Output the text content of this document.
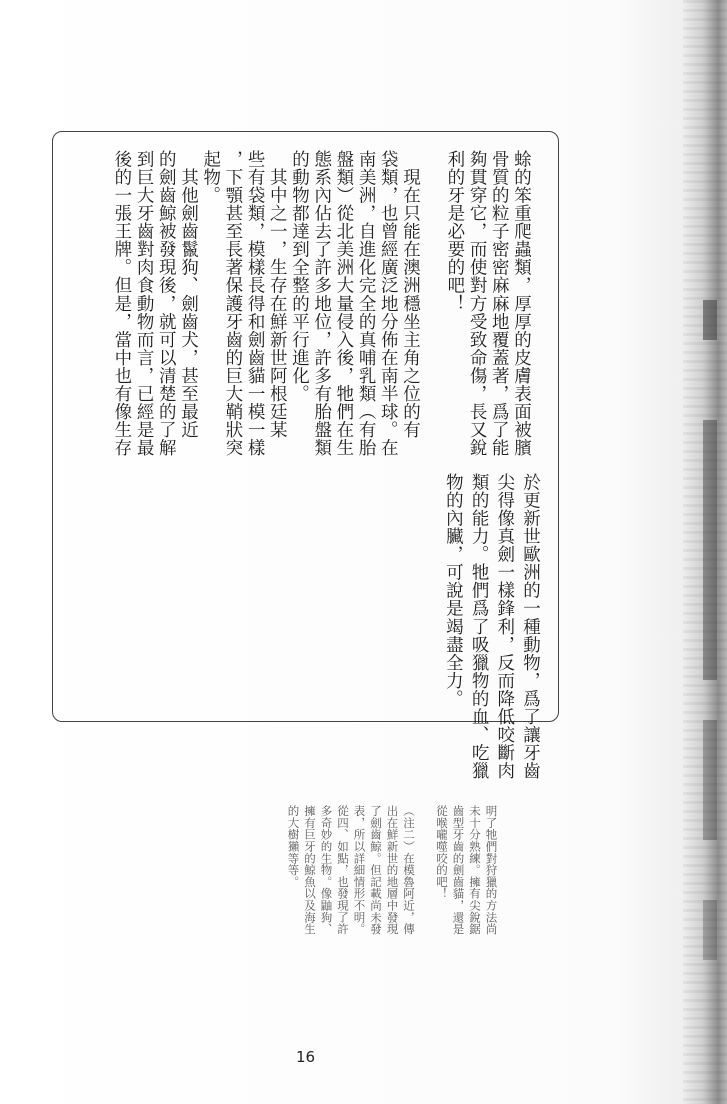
蜍的笨重爬蟲類，厚厚的皮膚表面被臏
骨質的粒子密密麻麻地覆蓋著，爲了能
夠貫穿它，而使對方受致命傷，長又銳
利的牙是必要的吧！
　現在只能在澳洲穩坐主角之位的有
袋類，也曾經廣泛地分佈在南半球。在
南美洲，自進化完全的真哺乳類（有胎
盤類）從北美洲大量侵入後，牠們在生
態系內佔去了許多地位，許多有胎盤類
的動物都達到全整的平行進化。
　其中之一，生存在鮮新世阿根廷某
些有袋類，模樣長得和劍齒貓一模一樣
，下顎甚至長著保護牙齒的巨大鞘狀突
起物。
　其他劍齒鬣狗、劍齒犬，甚至最近
的劍齒鯨被發現後，就可以清楚的了解
到巨大牙齒對肉食動物而言，已經是最
後的一張王牌。但是，當中也有像生存
於更新世歐洲的一種動物，爲了讓牙齒
尖得像真劍一樣鋒利，反而降低咬斷肉
類的能力。牠們爲了吸獵物的血、吃獵
物的內臟，可說是竭盡全力。
明了牠們對狩獵的方法尚
未十分熟練。擁有尖銳鋸
齒型牙齒的劍齒貓，還是
從喉嚨噬咬的吧！
（注二）在模魯阿近，傳
出在鮮新世的地層中發現
了劍齒鯨。但記載尚未發
表，所以詳細情形不明。
從四、如點，也發現了許
多奇妙的生物。像鼬狗、
擁有巨牙的鯨魚以及海生
的大樹獺等等。
16
